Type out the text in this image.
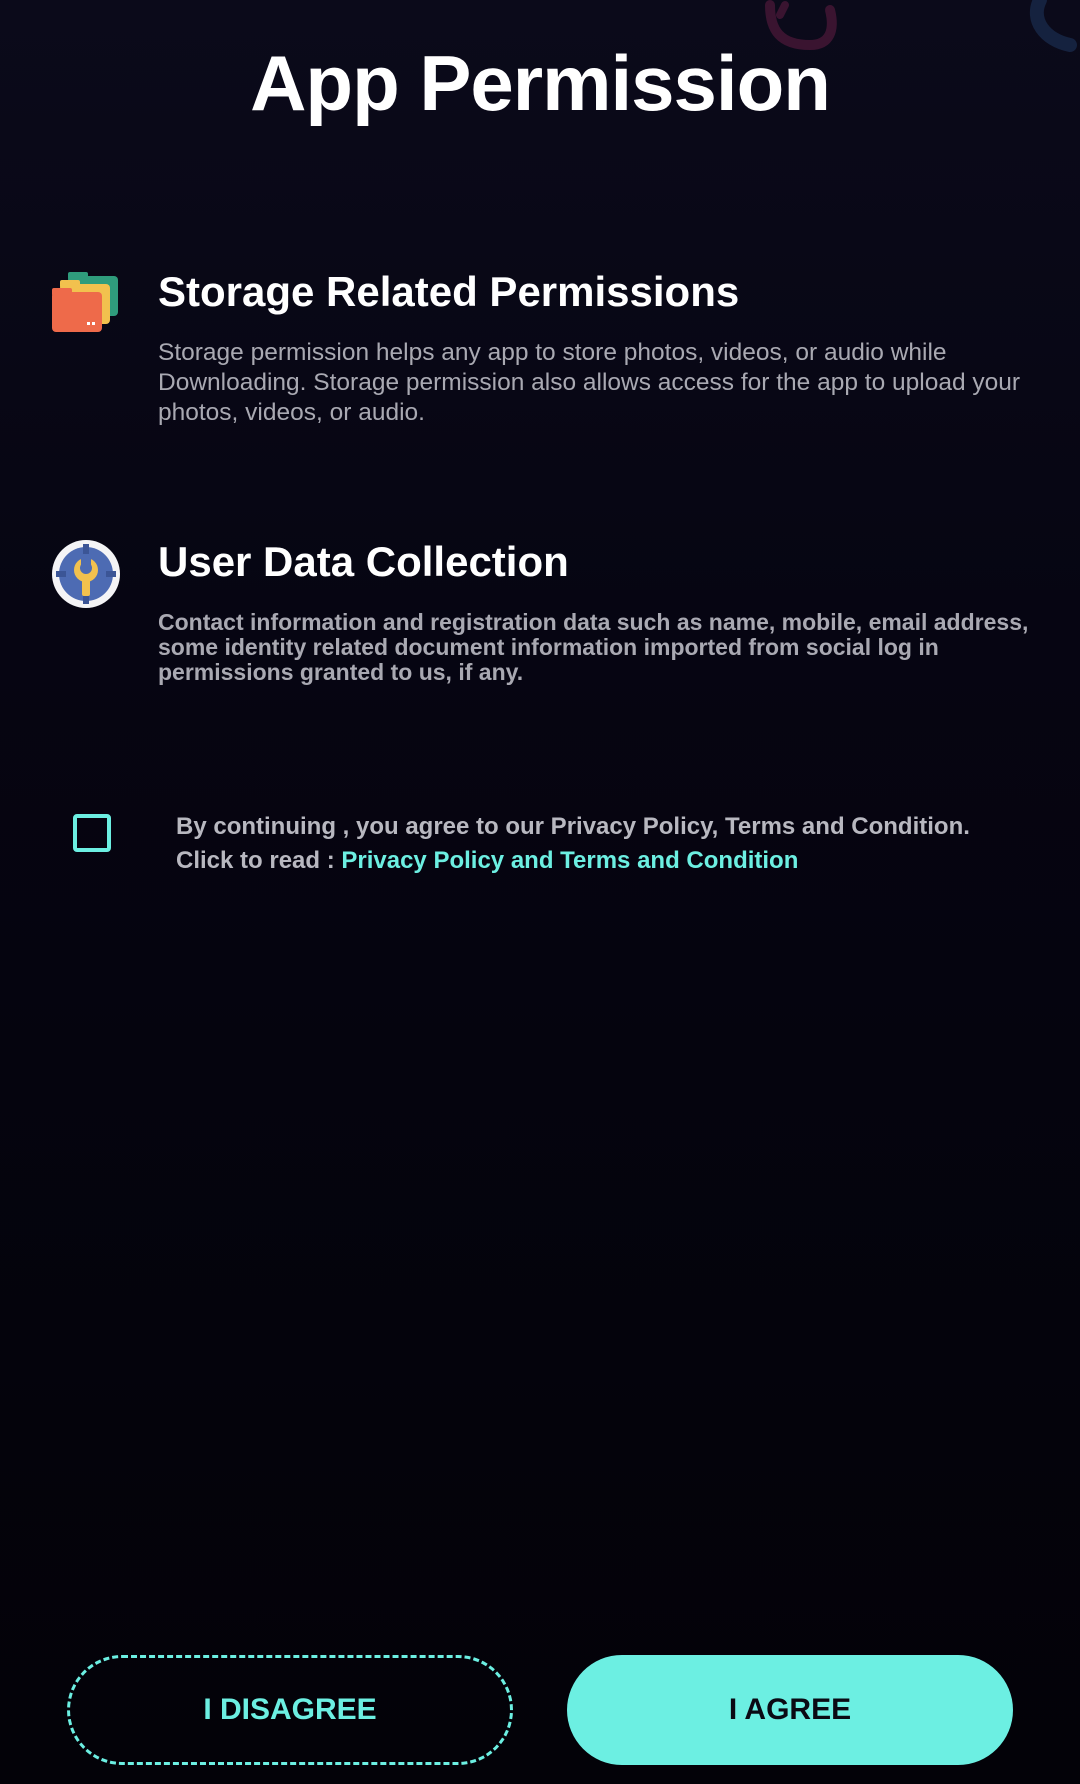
App Permission
Storage Related Permissions
Storage permission helps any app to store photos, videos, or audio while Downloading. Storage permission also allows access for the app to upload your photos, videos, or audio.
User Data Collection
Contact information and registration data such as name, mobile, email address, some identity related document information imported from social log in permissions granted to us, if any.
By continuing , you agree to our Privacy Policy, Terms and Condition.
Click to read : Privacy Policy and Terms and Condition
I DISAGREE	I AGREE
